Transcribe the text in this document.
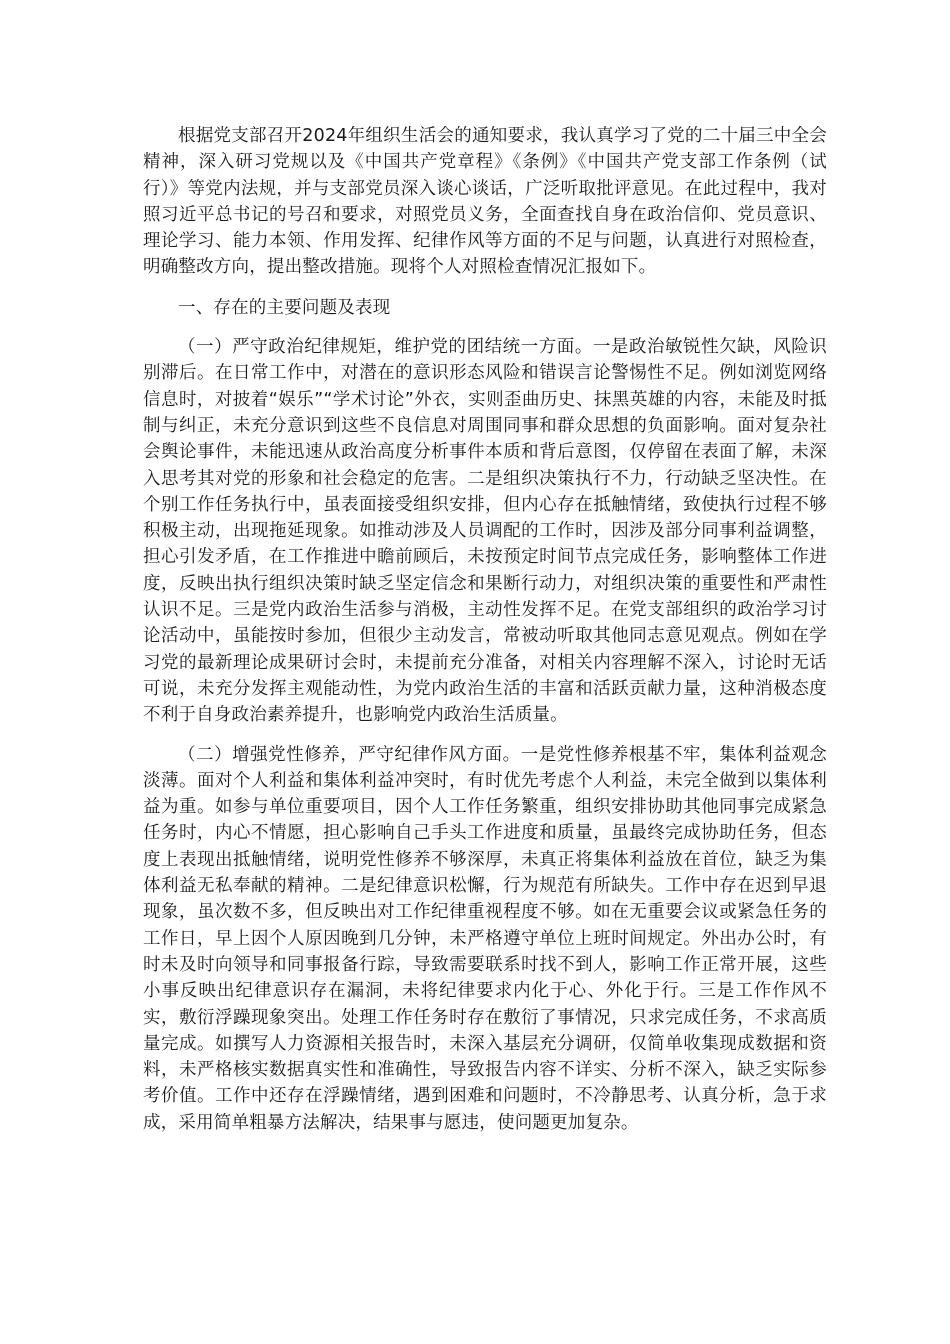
根据党支部召开2024年组织生活会的通知要求，我认真学习了党的二十届三中全会精神，深入研习党规以及《中国共产党章程》《条例》《中国共产党支部工作条例（试行）》等党内法规，并与支部党员深入谈心谈话，广泛听取批评意见。在此过程中，我对照习近平总书记的号召和要求，对照党员义务，全面查找自身在政治信仰、党员意识、理论学习、能力本领、作用发挥、纪律作风等方面的不足与问题，认真进行对照检查，明确整改方向，提出整改措施。现将个人对照检查情况汇报如下。

一、存在的主要问题及表现

（一）严守政治纪律规矩，维护党的团结统一方面。一是政治敏锐性欠缺，风险识别滞后。在日常工作中，对潜在的意识形态风险和错误言论警惕性不足。例如浏览网络信息时，对披着“娱乐”“学术讨论”外衣，实则歪曲历史、抹黑英雄的内容，未能及时抵制与纠正，未充分意识到这些不良信息对周围同事和群众思想的负面影响。面对复杂社会舆论事件，未能迅速从政治高度分析事件本质和背后意图，仅停留在表面了解，未深入思考其对党的形象和社会稳定的危害。二是组织决策执行不力，行动缺乏坚决性。在个别工作任务执行中，虽表面接受组织安排，但内心存在抵触情绪，致使执行过程不够积极主动，出现拖延现象。如推动涉及人员调配的工作时，因涉及部分同事利益调整，担心引发矛盾，在工作推进中瞻前顾后，未按预定时间节点完成任务，影响整体工作进度，反映出执行组织决策时缺乏坚定信念和果断行动力，对组织决策的重要性和严肃性认识不足。三是党内政治生活参与消极，主动性发挥不足。在党支部组织的政治学习讨论活动中，虽能按时参加，但很少主动发言，常被动听取其他同志意见观点。例如在学习党的最新理论成果研讨会时，未提前充分准备，对相关内容理解不深入，讨论时无话可说，未充分发挥主观能动性，为党内政治生活的丰富和活跃贡献力量，这种消极态度不利于自身政治素养提升，也影响党内政治生活质量。

（二）增强党性修养，严守纪律作风方面。一是党性修养根基不牢，集体利益观念淡薄。面对个人利益和集体利益冲突时，有时优先考虑个人利益，未完全做到以集体利益为重。如参与单位重要项目，因个人工作任务繁重，组织安排协助其他同事完成紧急任务时，内心不情愿，担心影响自己手头工作进度和质量，虽最终完成协助任务，但态度上表现出抵触情绪，说明党性修养不够深厚，未真正将集体利益放在首位，缺乏为集体利益无私奉献的精神。二是纪律意识松懈，行为规范有所缺失。工作中存在迟到早退现象，虽次数不多，但反映出对工作纪律重视程度不够。如在无重要会议或紧急任务的工作日，早上因个人原因晚到几分钟，未严格遵守单位上班时间规定。外出办公时，有时未及时向领导和同事报备行踪，导致需要联系时找不到人，影响工作正常开展，这些小事反映出纪律意识存在漏洞，未将纪律要求内化于心、外化于行。三是工作作风不实，敷衍浮躁现象突出。处理工作任务时存在敷衍了事情况，只求完成任务，不求高质量完成。如撰写人力资源相关报告时，未深入基层充分调研，仅简单收集现成数据和资料，未严格核实数据真实性和准确性，导致报告内容不详实、分析不深入，缺乏实际参考价值。工作中还存在浮躁情绪，遇到困难和问题时，不冷静思考、认真分析，急于求成，采用简单粗暴方法解决，结果事与愿违，使问题更加复杂。
